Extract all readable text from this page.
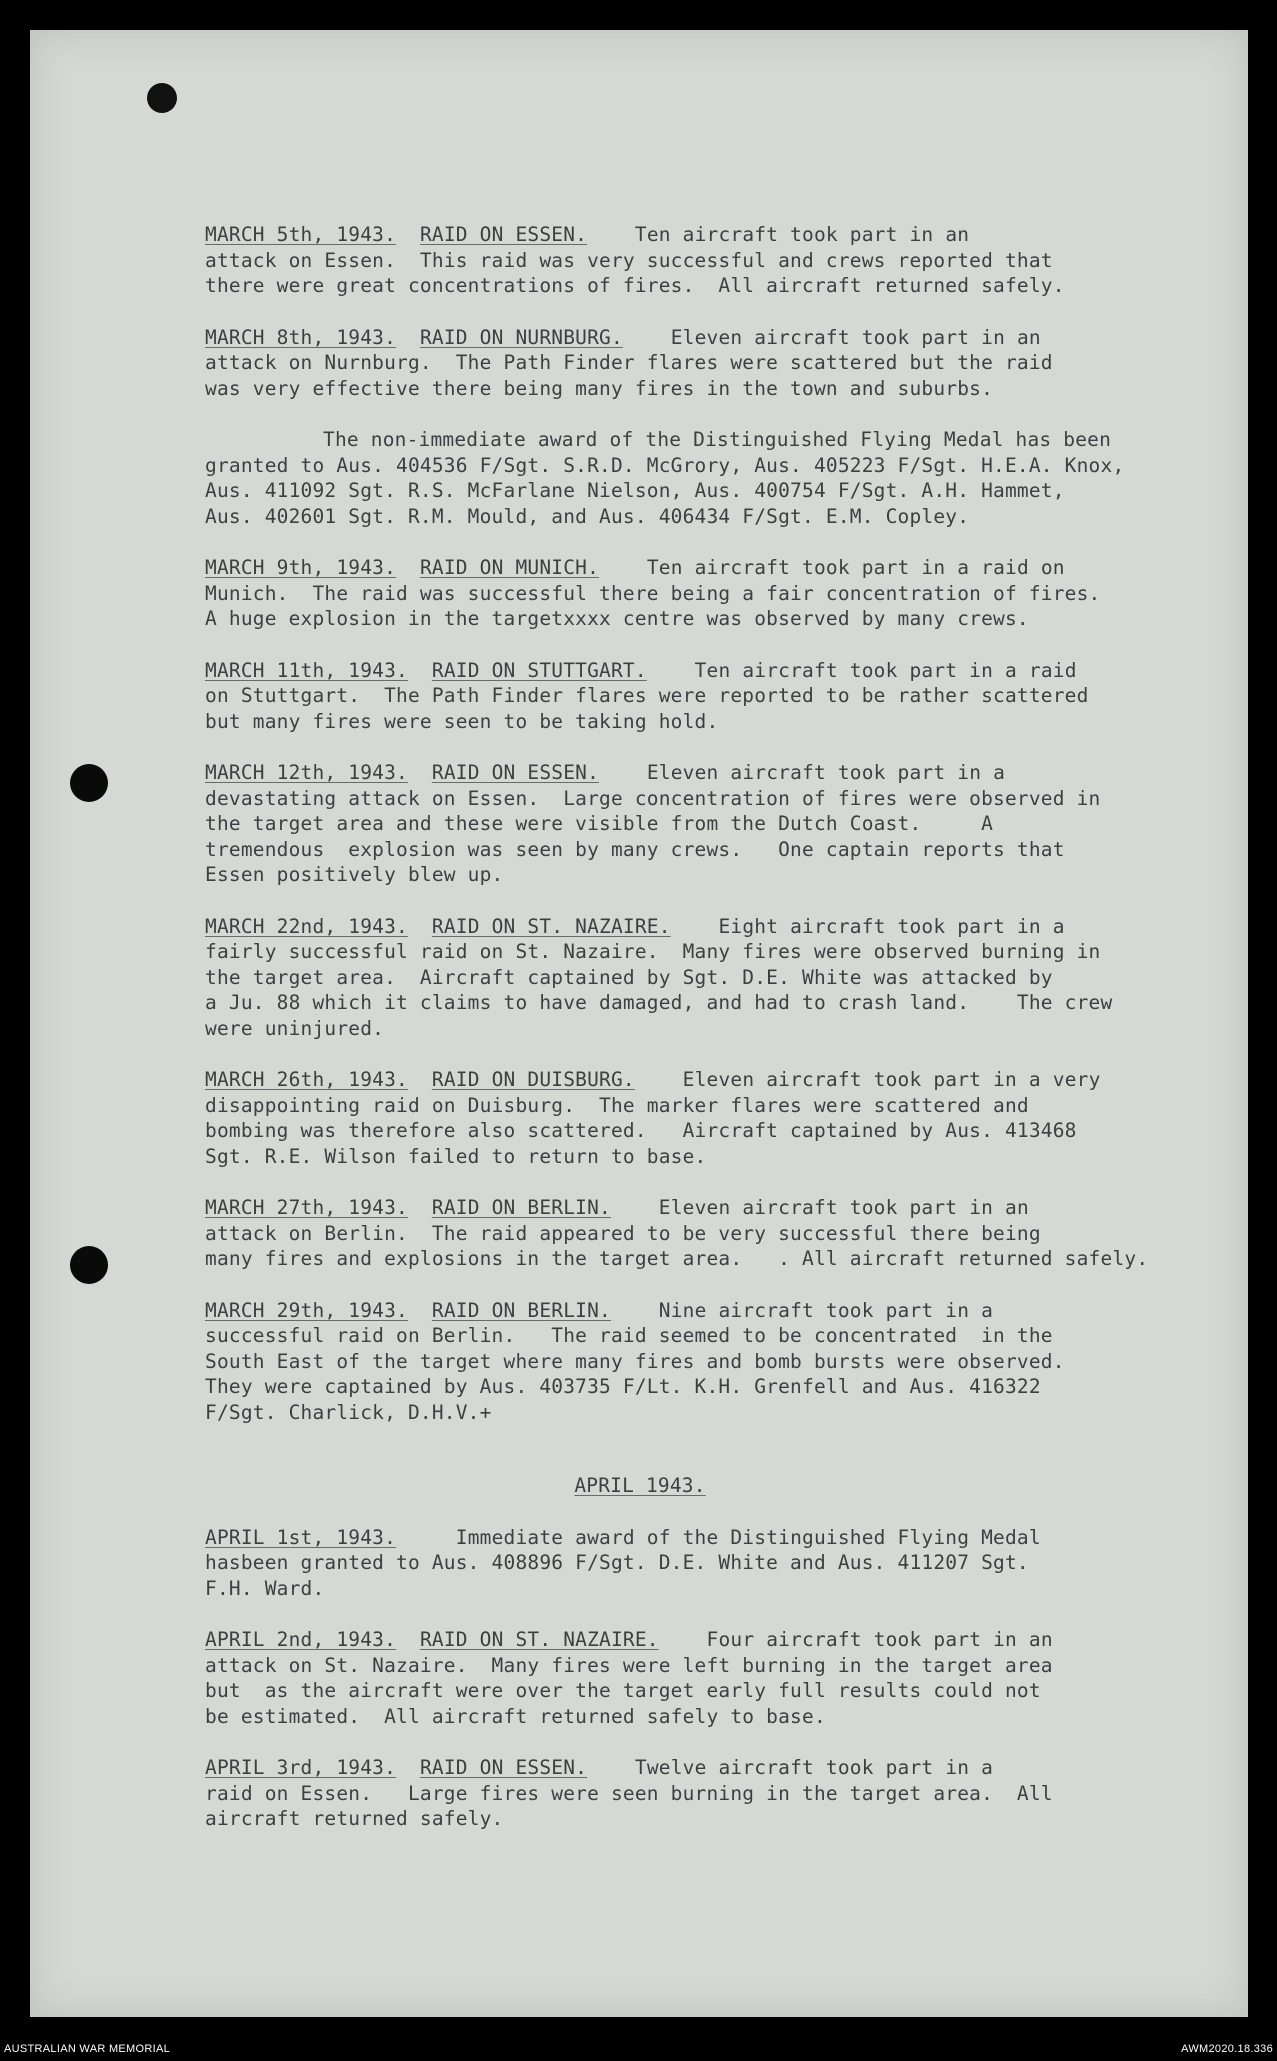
MARCH 5th, 1943. RAID ON ESSEN. Ten aircraft took part in an
attack on Essen.  This raid was very successful and crews reported that
there were great concentrations of fires.  All aircraft returned safely.
MARCH 8th, 1943. RAID ON NURNBURG. Eleven aircraft took part in an
attack on Nurnburg.  The Path Finder flares were scattered but the raid
was very effective there being many fires in the town and suburbs.
The non-immediate award of the Distinguished Flying Medal has been
granted to Aus. 404536 F/Sgt. S.R.D. McGrory, Aus. 405223 F/Sgt. H.E.A. Knox,
Aus. 411092 Sgt. R.S. McFarlane Nielson, Aus. 400754 F/Sgt. A.H. Hammet,
Aus. 402601 Sgt. R.M. Mould, and Aus. 406434 F/Sgt. E.M. Copley.
MARCH 9th, 1943. RAID ON MUNICH. Ten aircraft took part in a raid on
Munich.  The raid was successful there being a fair concentration of fires.
A huge explosion in the targetxxxx centre was observed by many crews.
MARCH 11th, 1943. RAID ON STUTTGART. Ten aircraft took part in a raid
on Stuttgart.  The Path Finder flares were reported to be rather scattered
but many fires were seen to be taking hold.
MARCH 12th, 1943. RAID ON ESSEN. Eleven aircraft took part in a
devastating attack on Essen.  Large concentration of fires were observed in
the target area and these were visible from the Dutch Coast.     A
tremendous  explosion was seen by many crews.   One captain reports that
Essen positively blew up.
MARCH 22nd, 1943. RAID ON ST. NAZAIRE. Eight aircraft took part in a
fairly successful raid on St. Nazaire.  Many fires were observed burning in
the target area.  Aircraft captained by Sgt. D.E. White was attacked by
a Ju. 88 which it claims to have damaged, and had to crash land.    The crew
were uninjured.
MARCH 26th, 1943. RAID ON DUISBURG. Eleven aircraft took part in a very
disappointing raid on Duisburg.  The marker flares were scattered and
bombing was therefore also scattered.   Aircraft captained by Aus. 413468
Sgt. R.E. Wilson failed to return to base.
MARCH 27th, 1943. RAID ON BERLIN. Eleven aircraft took part in an
attack on Berlin.  The raid appeared to be very successful there being
many fires and explosions in the target area.   . All aircraft returned safely.
MARCH 29th, 1943. RAID ON BERLIN. Nine aircraft took part in a
successful raid on Berlin.   The raid seemed to be concentrated  in the
South East of the target where many fires and bomb bursts were observed.
They were captained by Aus. 403735 F/Lt. K.H. Grenfell and Aus. 416322
F/Sgt. Charlick, D.H.V.+
APRIL 1943.
APRIL 1st, 1943.	Immediate award of the Distinguished Flying Medal
hasbeen granted to Aus. 408896 F/Sgt. D.E. White and Aus. 411207 Sgt.
F.H. Ward.
APRIL 2nd, 1943. RAID ON ST. NAZAIRE. Four aircraft took part in an
attack on St. Nazaire.  Many fires were left burning in the target area
but  as the aircraft were over the target early full results could not
be estimated.  All aircraft returned safely to base.
APRIL 3rd, 1943. RAID ON ESSEN. Twelve aircraft took part in a
raid on Essen.   Large fires were seen burning in the target area.  All
aircraft returned safely.
AUSTRALIAN WAR MEMORIAL	AWM2020.18.336
